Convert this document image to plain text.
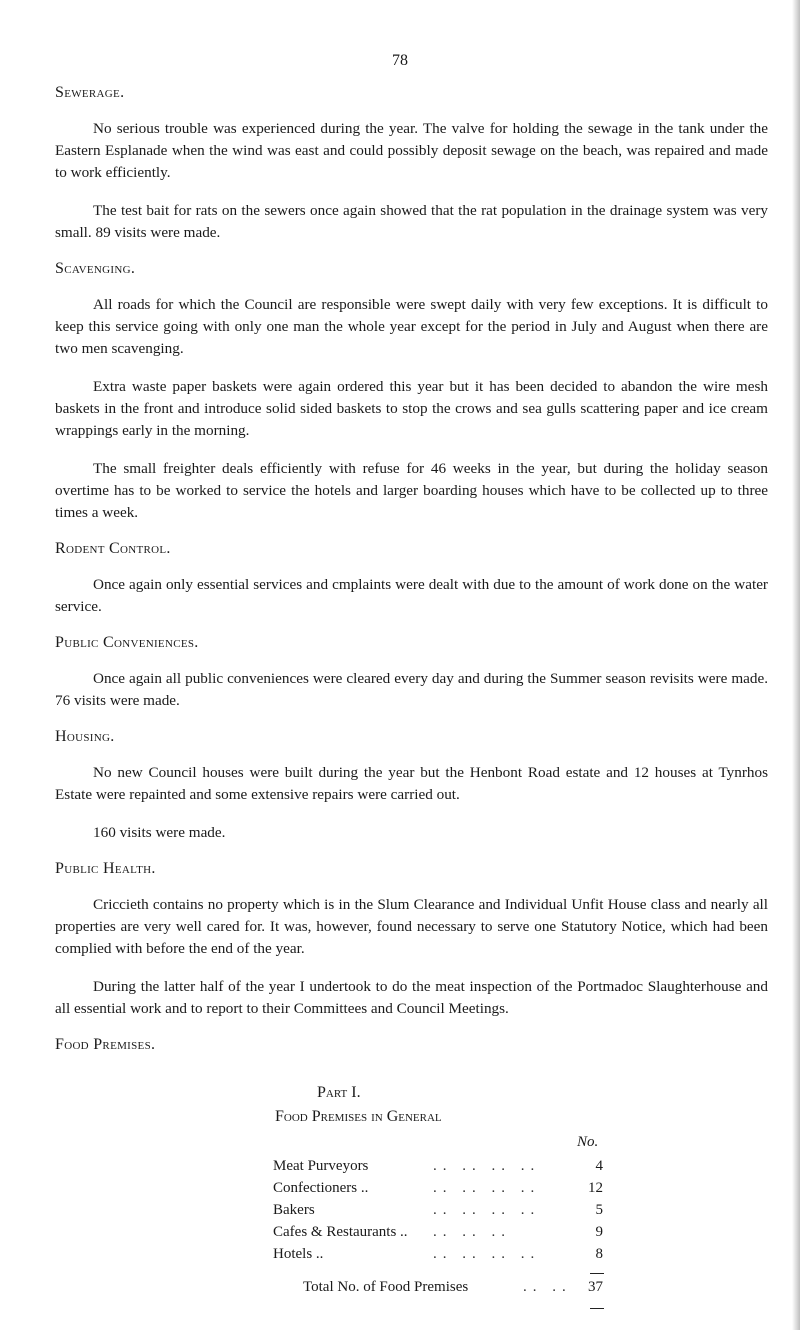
78
Sewerage.

No serious trouble was experienced during the year. The valve for holding the sewage in the tank under the Eastern Esplanade when the wind was east and could possibly deposit sewage on the beach, was repaired and made to work efficiently.

The test bait for rats on the sewers once again showed that the rat population in the drainage system was very small. 89 visits were made.

Scavenging.

All roads for which the Council are responsible were swept daily with very few exceptions. It is difficult to keep this service going with only one man the whole year except for the period in July and August when there are two men scavenging.

Extra waste paper baskets were again ordered this year but it has been decided to abandon the wire mesh baskets in the front and introduce solid sided baskets to stop the crows and sea gulls scattering paper and ice cream wrappings early in the morning.

The small freighter deals efficiently with refuse for 46 weeks in the year, but during the holiday season overtime has to be worked to service the hotels and larger boarding houses which have to be collected up to three times a week.

Rodent Control.

Once again only essential services and cmplaints were dealt with due to the amount of work done on the water service.

Public Conveniences.

Once again all public conveniences were cleared every day and during the Summer season revisits were made. 76 visits were made.

Housing.

No new Council houses were built during the year but the Henbont Road estate and 12 houses at Tynrhos Estate were repainted and some extensive repairs were carried out.

160 visits were made.

Public Health.

Criccieth contains no property which is in the Slum Clearance and Individual Unfit House class and nearly all properties are very well cared for. It was, however, found necessary to serve one Statutory Notice, which had been complied with before the end of the year.

During the latter half of the year I undertook to do the meat inspection of the Portmadoc Slaughterhouse and all essential work and to report to their Committees and Council Meetings.

Food Premises.
Part I.
Food Premises in General
No.
Meat Purveyors	.. .. .. ..	4
Confectioners ..	.. .. .. ..	12
Bakers	.. .. .. ..	5
Cafes & Restaurants .. .. .. ..	9
Hotels ..	.. .. .. ..	8
Total No. of Food Premises	.. .. 37
